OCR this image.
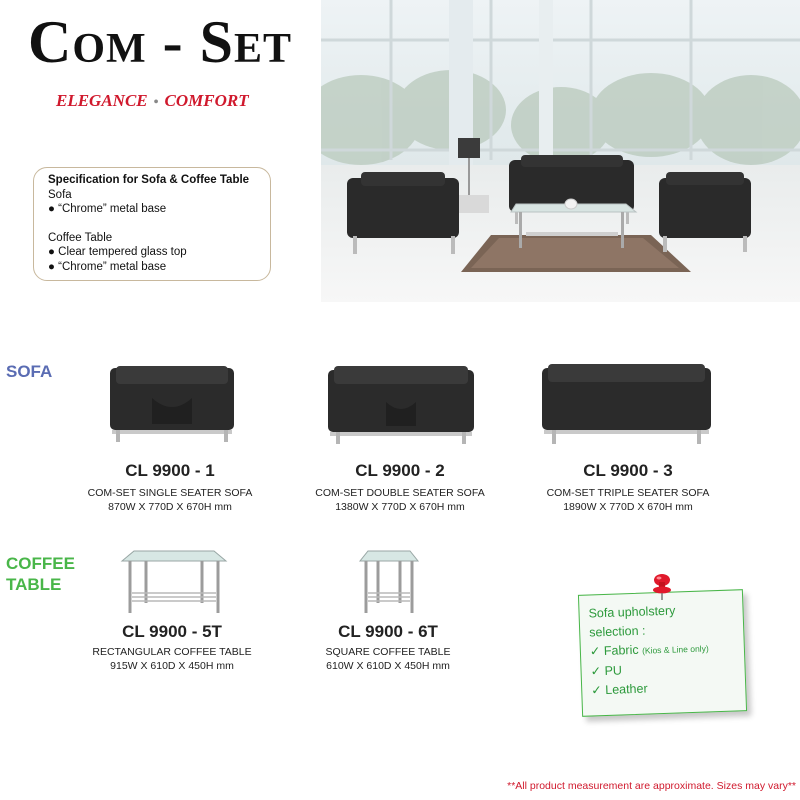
Com - Set
ELEGANCE • COMFORT
Specification for Sofa & Coffee Table
Sofa
● “Chrome” metal base
Coffee Table
● Clear tempered glass top
● “Chrome” metal base
SOFA
COFFEE
TABLE
CL 9900 - 1
COM-SET SINGLE SEATER SOFA
870W X 770D X 670H mm
CL 9900 - 2
COM-SET DOUBLE SEATER SOFA
1380W X 770D X 670H mm
CL 9900 - 3
COM-SET TRIPLE SEATER SOFA
1890W X 770D X 670H mm
CL 9900 - 5T
RECTANGULAR COFFEE TABLE
915W X 610D X 450H mm
CL 9900 - 6T
SQUARE COFFEE TABLE
610W X 610D X 450H mm
Sofa upholstery
selection :
✓ Fabric (Kios & Line only)
✓ PU
✓ Leather
**All product measurement are approximate. Sizes may vary**
